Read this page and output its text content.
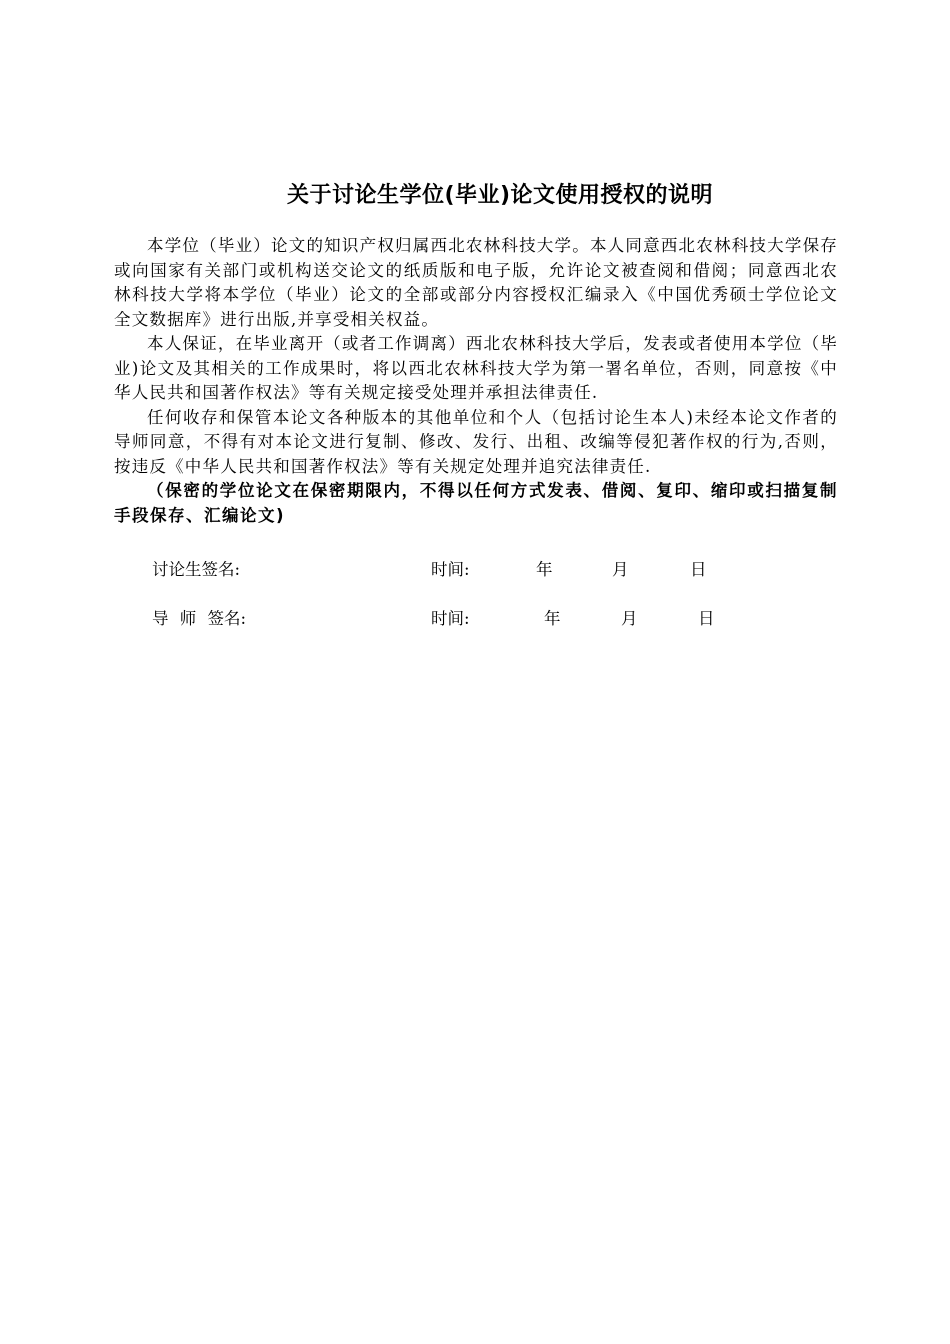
关于讨论生学位(毕业)论文使用授权的说明

本学位（毕业）论文的知识产权归属西北农林科技大学。本人同意西北农林科技大学保存或向国家有关部门或机构送交论文的纸质版和电子版，允许论文被查阅和借阅；同意西北农林科技大学将本学位（毕业）论文的全部或部分内容授权汇编录入《中国优秀硕士学位论文全文数据库》进行出版,并享受相关权益。

本人保证，在毕业离开（或者工作调离）西北农林科技大学后，发表或者使用本学位（毕业)论文及其相关的工作成果时，将以西北农林科技大学为第一署名单位，否则，同意按《中华人民共和国著作权法》等有关规定接受处理并承担法律责任.

任何收存和保管本论文各种版本的其他单位和个人（包括讨论生本人)未经本论文作者的导师同意，不得有对本论文进行复制、修改、发行、出租、改编等侵犯著作权的行为,否则，按违反《中华人民共和国著作权法》等有关规定处理并追究法律责任.

（保密的学位论文在保密期限内，不得以任何方式发表、借阅、复印、缩印或扫描复制手段保存、汇编论文)

讨论生签名:	时间:	年	月	日
导 师 签名:	时间:	年	月	日
